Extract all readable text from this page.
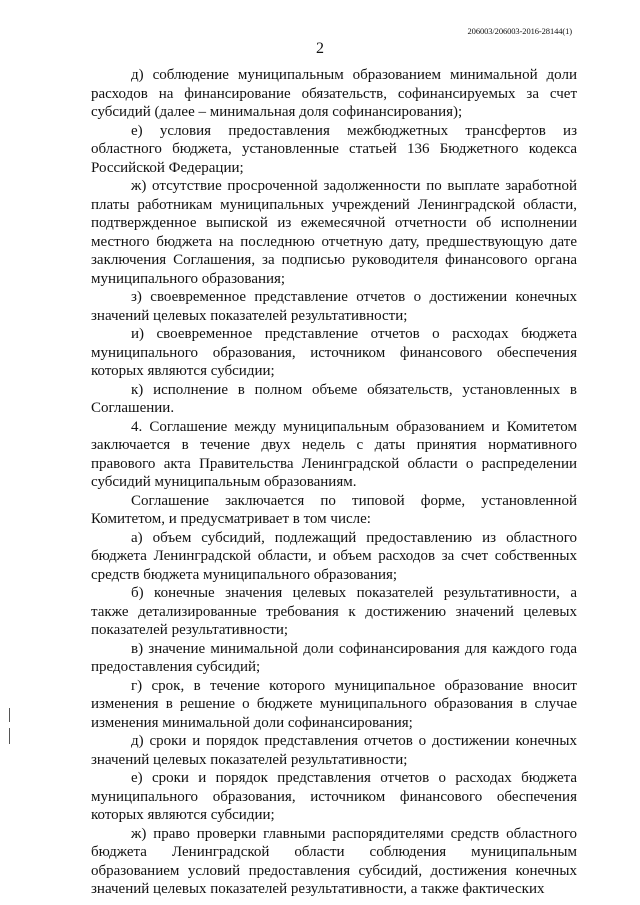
206003/206003-2016-28144(1)
2

д) соблюдение муниципальным образованием минимальной доли расходов на финансирование обязательств, софинансируемых за счет субсидий (далее – минимальная доля софинансирования);

е) условия предоставления межбюджетных трансфертов из областного бюджета, установленные статьей 136 Бюджетного кодекса Российской Федерации;

ж) отсутствие просроченной задолженности по выплате заработной платы работникам муниципальных учреждений Ленинградской области, подтвержденное выпиской из ежемесячной отчетности об исполнении местного бюджета на последнюю отчетную дату, предшествующую дате заключения Соглашения, за подписью руководителя финансового органа муниципального образования;

з) своевременное представление отчетов о достижении конечных значений целевых показателей результативности;

и) своевременное представление отчетов о расходах бюджета муниципального образования, источником финансового обеспечения которых являются субсидии;

к) исполнение в полном объеме обязательств, установленных в Соглашении.

4. Соглашение между муниципальным образованием и Комитетом заключается в течение двух недель с даты принятия нормативного правового акта Правительства Ленинградской области о распределении субсидий муниципальным образованиям.

Соглашение заключается по типовой форме, установленной Комитетом, и предусматривает в том числе:

а) объем субсидий, подлежащий предоставлению из областного бюджета Ленинградской области, и объем расходов за счет собственных средств бюджета муниципального образования;

б) конечные значения целевых показателей результативности, а также детализированные требования к достижению значений целевых показателей результативности;

в) значение минимальной доли софинансирования для каждого года предоставления субсидий;

г) срок, в течение которого муниципальное образование вносит изменения в решение о бюджете муниципального образования в случае изменения минимальной доли софинансирования;

д) сроки и порядок представления отчетов о достижении конечных значений целевых показателей результативности;

е) сроки и порядок представления отчетов о расходах бюджета муниципального образования, источником финансового обеспечения которых являются субсидии;

ж) право проверки главными распорядителями средств областного бюджета Ленинградской области соблюдения муниципальным образованием условий предоставления субсидий, достижения конечных значений целевых показателей результативности, а также фактических
